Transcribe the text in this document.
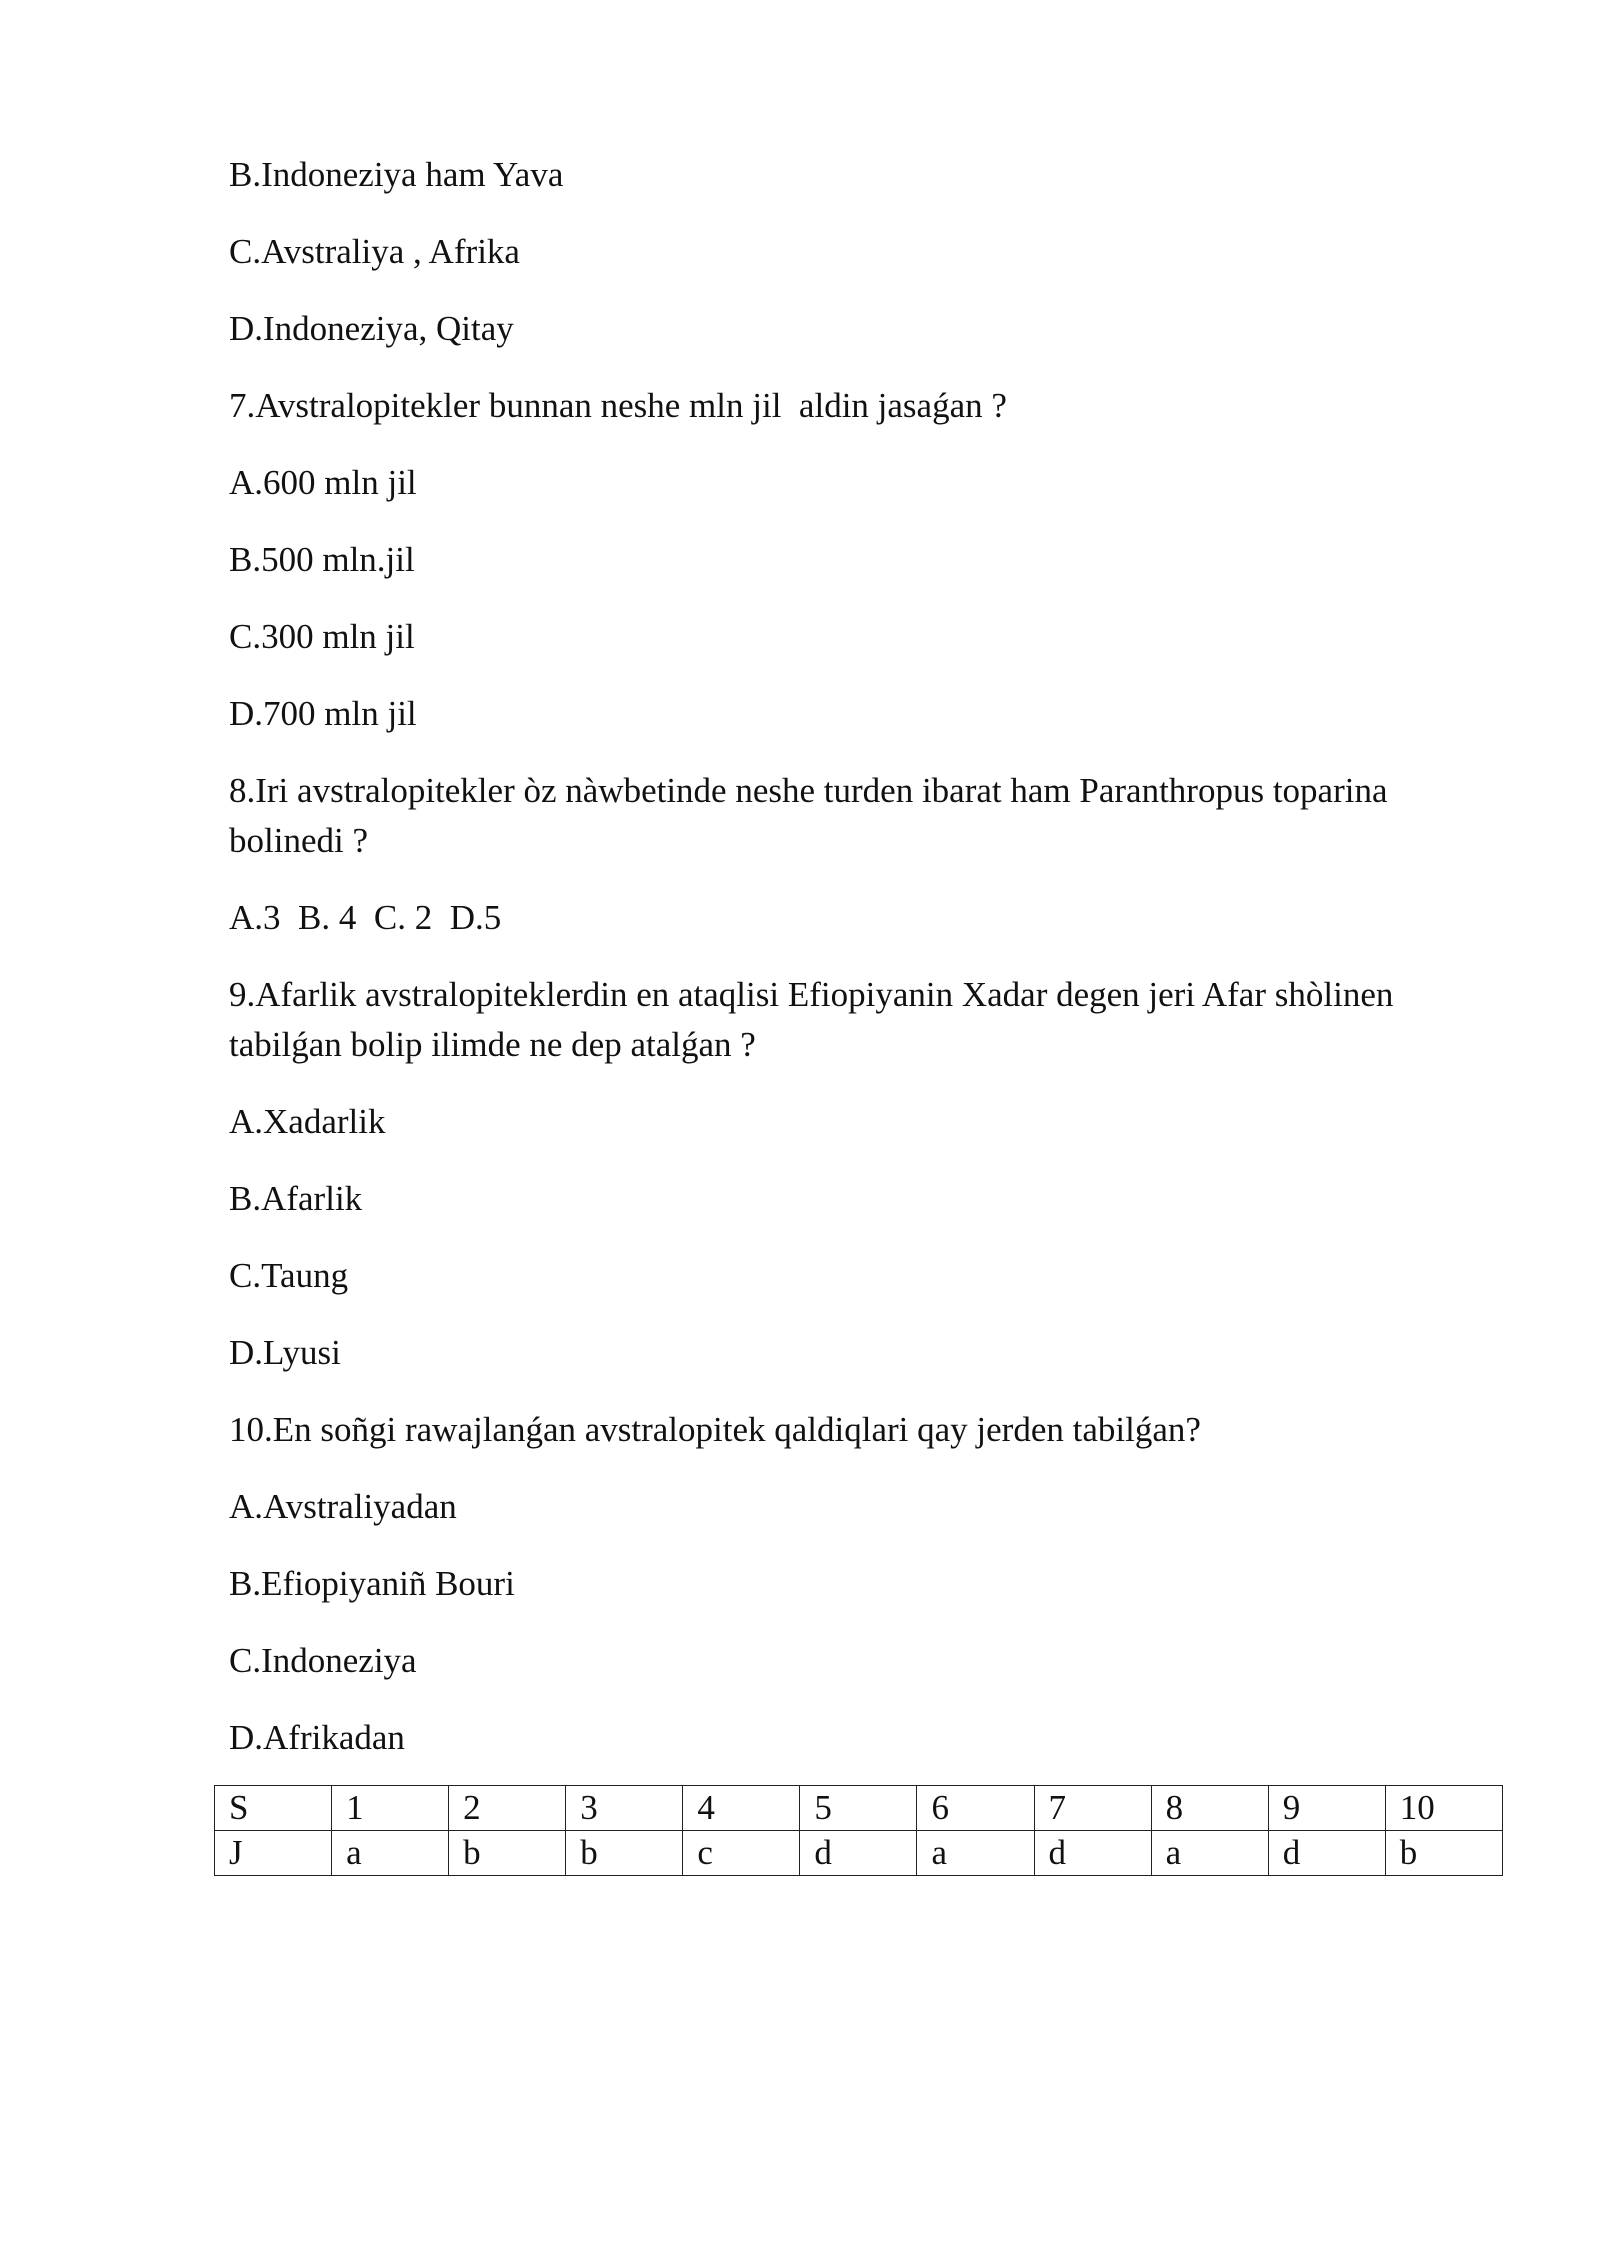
B.Indoneziya ham Yava
C.Avstraliya , Afrika
D.Indoneziya, Qitay
7.Avstralopitekler bunnan neshe mln jil  aldin jasaǵan ?
A.600 mln jil
B.500 mln.jil
C.300 mln jil
D.700 mln jil
8.Iri avstralopitekler òz nàwbetinde neshe turden ibarat ham Paranthropus toparina bolinedi ?
A.3  B. 4  C. 2  D.5
9.Afarlik avstralopiteklerdin en ataqlisi Efiopiyanin Xadar degen jeri Afar shòlinen tabilǵan bolip ilimde ne dep atalǵan ?
A.Xadarlik
B.Afarlik
C.Taung
D.Lyusi
10.En soñgi rawajlanǵan avstralopitek qaldiqlari qay jerden tabilǵan?
A.Avstraliyadan
B.Efiopiyaniñ Bouri
C.Indoneziya
D.Afrikadan
S	1	2	3	4	5	6	7	8	9	10
J	a	b	b	c	d	a	d	a	d	b
